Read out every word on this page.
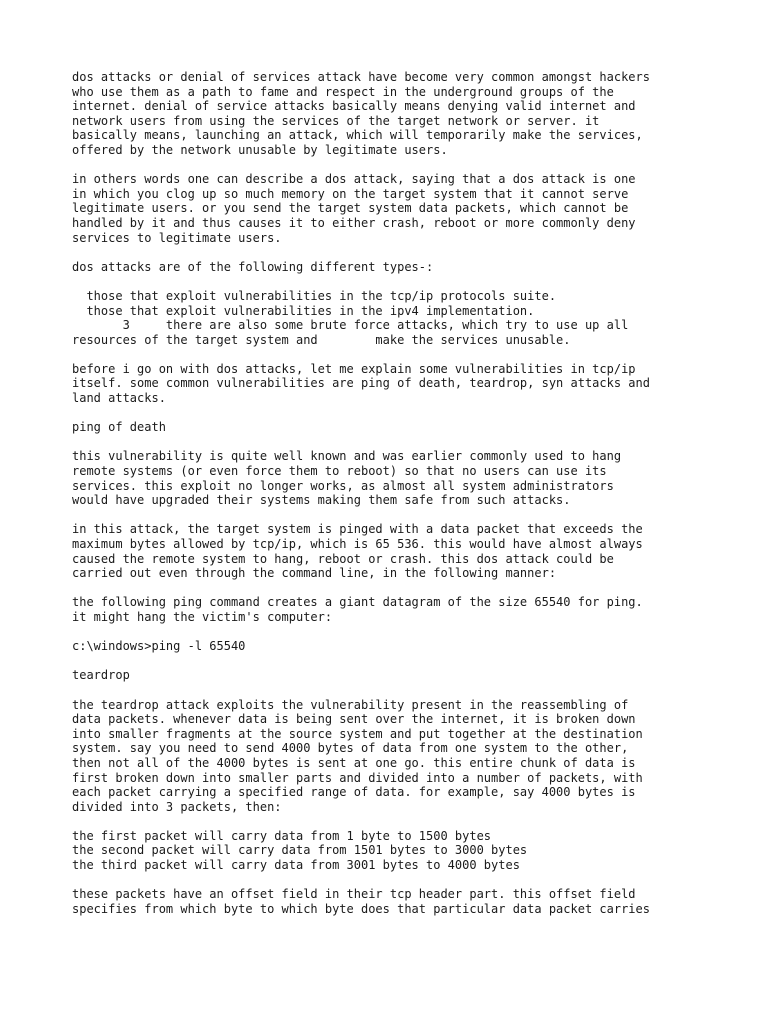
dos attacks or denial of services attack have become very common amongst hackers
who use them as a path to fame and respect in the underground groups of the
internet. denial of service attacks basically means denying valid internet and
network users from using the services of the target network or server. it
basically means, launching an attack, which will temporarily make the services,
offered by the network unusable by legitimate users.
in others words one can describe a dos attack, saying that a dos attack is one
in which you clog up so much memory on the target system that it cannot serve
legitimate users. or you send the target system data packets, which cannot be
handled by it and thus causes it to either crash, reboot or more commonly deny
services to legitimate users.
dos attacks are of the following different types-:
those that exploit vulnerabilities in the tcp/ip protocols suite.
those that exploit vulnerabilities in the ipv4 implementation.
3     there are also some brute force attacks, which try to use up all
resources of the target system and        make the services unusable.
before i go on with dos attacks, let me explain some vulnerabilities in tcp/ip
itself. some common vulnerabilities are ping of death, teardrop, syn attacks and
land attacks.
ping of death
this vulnerability is quite well known and was earlier commonly used to hang
remote systems (or even force them to reboot) so that no users can use its
services. this exploit no longer works, as almost all system administrators
would have upgraded their systems making them safe from such attacks.
in this attack, the target system is pinged with a data packet that exceeds the
maximum bytes allowed by tcp/ip, which is 65 536. this would have almost always
caused the remote system to hang, reboot or crash. this dos attack could be
carried out even through the command line, in the following manner:
the following ping command creates a giant datagram of the size 65540 for ping.
it might hang the victim's computer:
c:\windows>ping -l 65540
teardrop
the teardrop attack exploits the vulnerability present in the reassembling of
data packets. whenever data is being sent over the internet, it is broken down
into smaller fragments at the source system and put together at the destination
system. say you need to send 4000 bytes of data from one system to the other,
then not all of the 4000 bytes is sent at one go. this entire chunk of data is
first broken down into smaller parts and divided into a number of packets, with
each packet carrying a specified range of data. for example, say 4000 bytes is
divided into 3 packets, then:
the first packet will carry data from 1 byte to 1500 bytes
the second packet will carry data from 1501 bytes to 3000 bytes
the third packet will carry data from 3001 bytes to 4000 bytes
these packets have an offset field in their tcp header part. this offset field
specifies from which byte to which byte does that particular data packet carries
